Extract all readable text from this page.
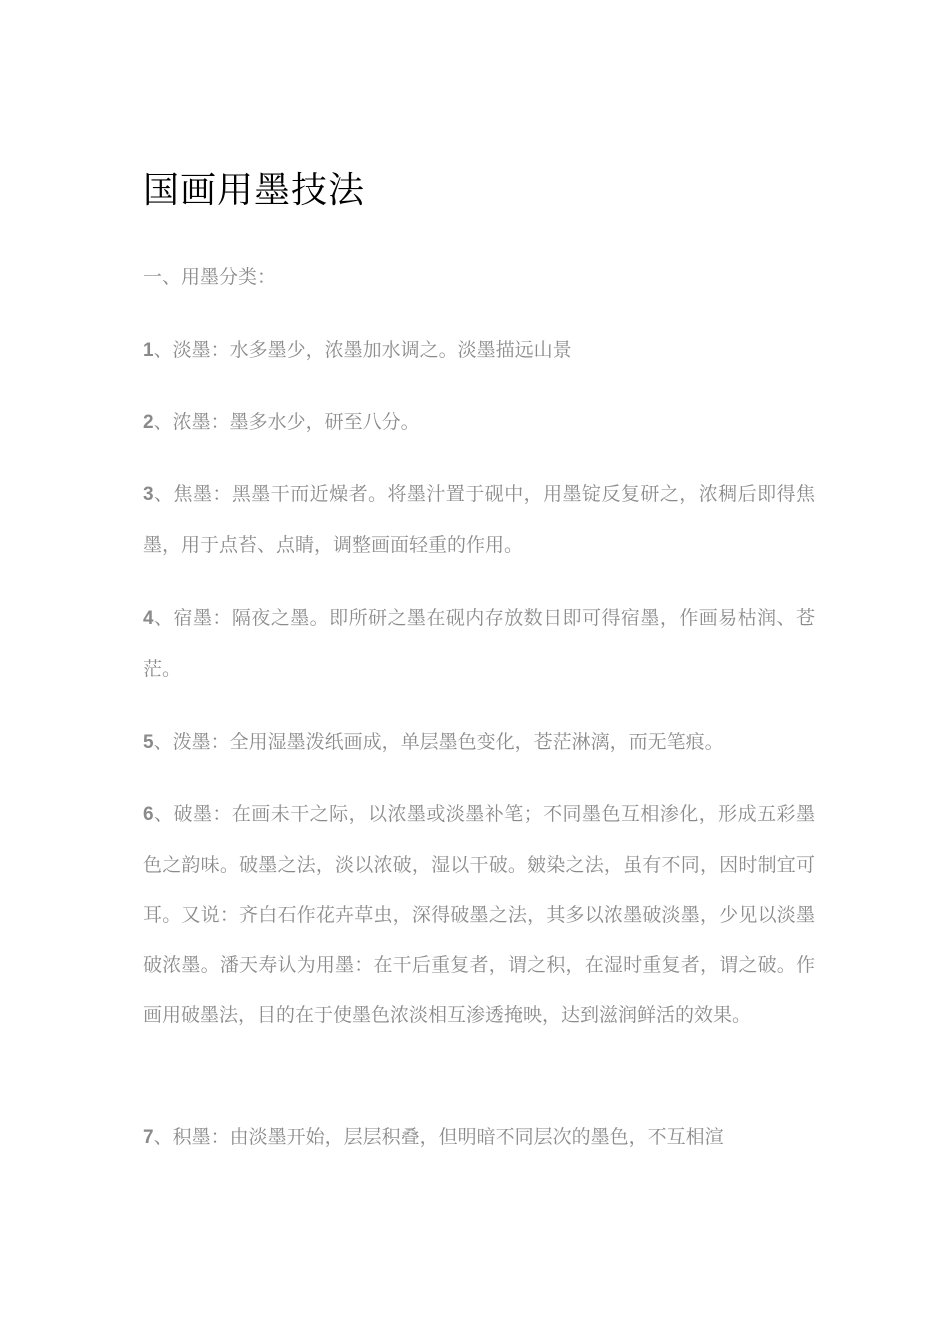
国画用墨技法

一、用墨分类：

1、淡墨：水多墨少，浓墨加水调之。淡墨描远山景

2、浓墨：墨多水少，研至八分。

3、焦墨：黑墨干而近燥者。将墨汁置于砚中，用墨锭反复研之，浓稠后即得焦墨，用于点苔、点睛，调整画面轻重的作用。

4、宿墨：隔夜之墨。即所研之墨在砚内存放数日即可得宿墨，作画易枯润、苍茫。

5、泼墨：全用湿墨泼纸画成，单层墨色变化，苍茫淋漓，而无笔痕。

6、破墨：在画未干之际，以浓墨或淡墨补笔；不同墨色互相渗化，形成五彩墨色之韵味。破墨之法，淡以浓破，湿以干破。皴染之法，虽有不同，因时制宜可耳。又说：齐白石作花卉草虫，深得破墨之法，其多以浓墨破淡墨，少见以淡墨破浓墨。潘天寿认为用墨：在干后重复者，谓之积，在湿时重复者，谓之破。作画用破墨法，目的在于使墨色浓淡相互渗透掩映，达到滋润鲜活的效果。

7、积墨：由淡墨开始，层层积叠，但明暗不同层次的墨色，不互相渲
